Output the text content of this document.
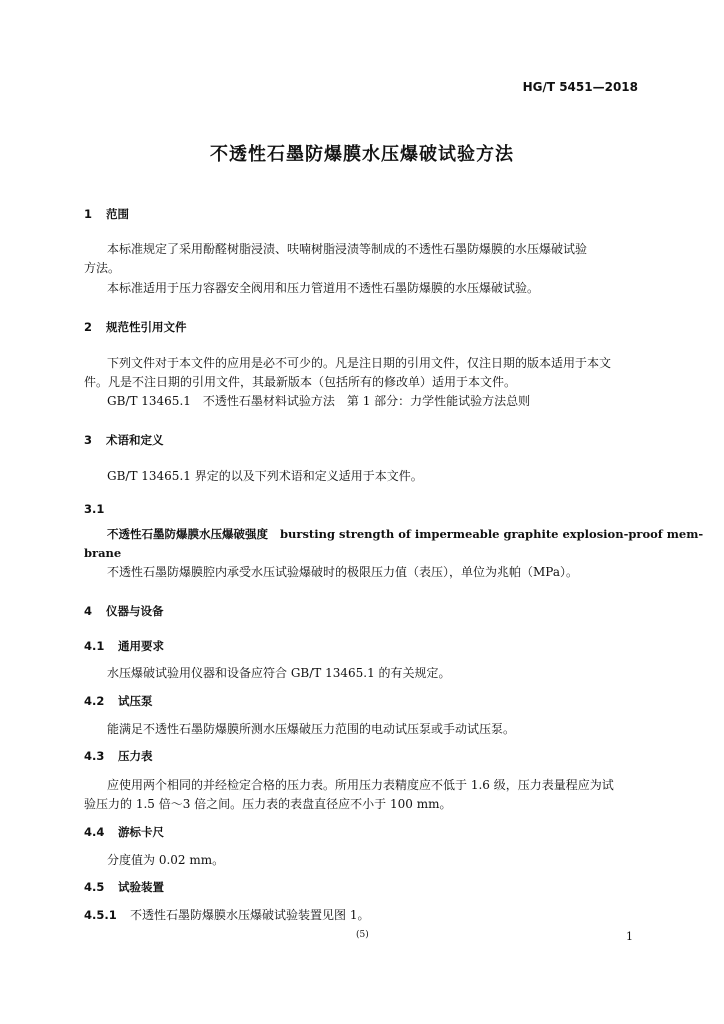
HG/T 5451—2018
不透性石墨防爆膜水压爆破试验方法
1 范围
本标准规定了采用酚醛树脂浸渍、呋喃树脂浸渍等制成的不透性石墨防爆膜的水压爆破试验
方法。
本标准适用于压力容器安全阀用和压力管道用不透性石墨防爆膜的水压爆破试验。
2 规范性引用文件
下列文件对于本文件的应用是必不可少的。凡是注日期的引用文件，仅注日期的版本适用于本文
件。凡是不注日期的引用文件，其最新版本（包括所有的修改单）适用于本文件。
GB/T 13465.1　不透性石墨材料试验方法　第 1 部分：力学性能试验方法总则
3 术语和定义
GB/T 13465.1 界定的以及下列术语和定义适用于本文件。
3.1
不透性石墨防爆膜水压爆破强度 bursting strength of impermeable graphite explosion-proof mem-
brane
不透性石墨防爆膜腔内承受水压试验爆破时的极限压力值（表压），单位为兆帕（MPa）。
4 仪器与设备
4.1 通用要求
水压爆破试验用仪器和设备应符合 GB/T 13465.1 的有关规定。
4.2 试压泵
能满足不透性石墨防爆膜所测水压爆破压力范围的电动试压泵或手动试压泵。
4.3 压力表
应使用两个相同的并经检定合格的压力表。所用压力表精度应不低于 1.6 级，压力表量程应为试
验压力的 1.5 倍～3 倍之间。压力表的表盘直径应不小于 100 mm。
4.4 游标卡尺
分度值为 0.02 mm。
4.5 试验装置
4.5.1 不透性石墨防爆膜水压爆破试验装置见图 1。
(5)	1
